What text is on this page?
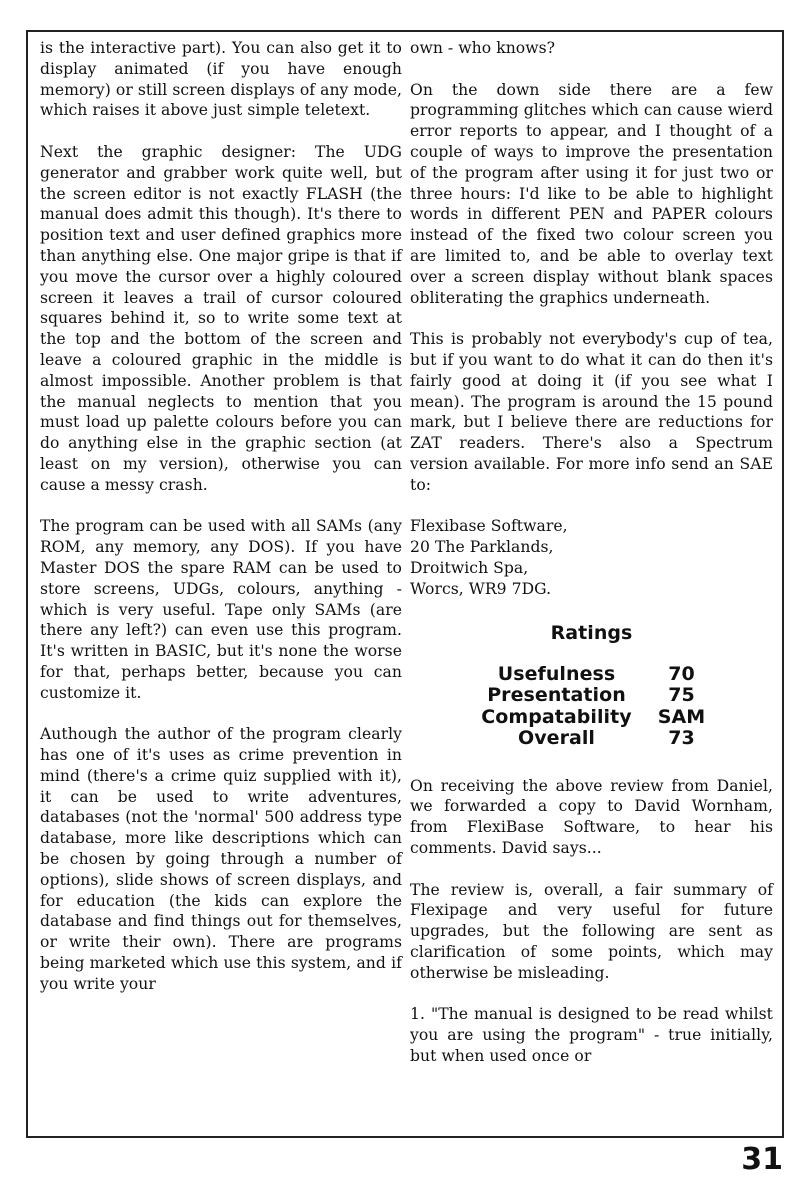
is the interactive part). You can also get it to display animated (if you have enough memory) or still screen displays of any mode, which raises it above just simple teletext.

Next the graphic designer: The UDG generator and grabber work quite well, but the screen editor is not exactly FLASH (the manual does admit this though). It's there to position text and user defined graphics more than anything else. One major gripe is that if you move the cursor over a highly coloured screen it leaves a trail of cursor coloured squares behind it, so to write some text at the top and the bottom of the screen and leave a coloured graphic in the middle is almost impossible. Another problem is that the manual neglects to mention that you must load up palette colours before you can do anything else in the graphic section (at least on my version), otherwise you can cause a messy crash.

The program can be used with all SAMs (any ROM, any memory, any DOS). If you have Master DOS the spare RAM can be used to store screens, UDGs, colours, anything - which is very useful. Tape only SAMs (are there any left?) can even use this program. It's written in BASIC, but it's none the worse for that, perhaps better, because you can customize it.

Authough the author of the program clearly has one of it's uses as crime prevention in mind (there's a crime quiz supplied with it), it can be used to write adventures, databases (not the 'normal' 500 address type database, more like descriptions which can be chosen by going through a number of options), slide shows of screen displays, and for education (the kids can explore the database and find things out for themselves, or write their own). There are programs being marketed which use this system, and if you write your

own - who knows?

On the down side there are a few programming glitches which can cause wierd error reports to appear, and I thought of a couple of ways to improve the presentation of the program after using it for just two or three hours: I'd like to be able to highlight words in different PEN and PAPER colours instead of the fixed two colour screen you are limited to, and be able to overlay text over a screen display without blank spaces obliterating the graphics underneath.

This is probably not everybody's cup of tea, but if you want to do what it can do then it's fairly good at doing it (if you see what I mean). The program is around the 15 pound mark, but I believe there are reductions for ZAT readers. There's also a Spectrum version available. For more info send an SAE to:

Flexibase Software,
20 The Parklands,
Droitwich Spa,
Worcs, WR9 7DG.
Ratings
Usefulness	70
Presentation	75
Compatability	SAM
Overall	73

On receiving the above review from Daniel, we forwarded a copy to David Wornham, from FlexiBase Software, to hear his comments. David says...

The review is, overall, a fair summary of Flexipage and very useful for future upgrades, but the following are sent as clarification of some points, which may otherwise be misleading.

1. "The manual is designed to be read whilst you are using the program" - true initially, but when used once or

31
